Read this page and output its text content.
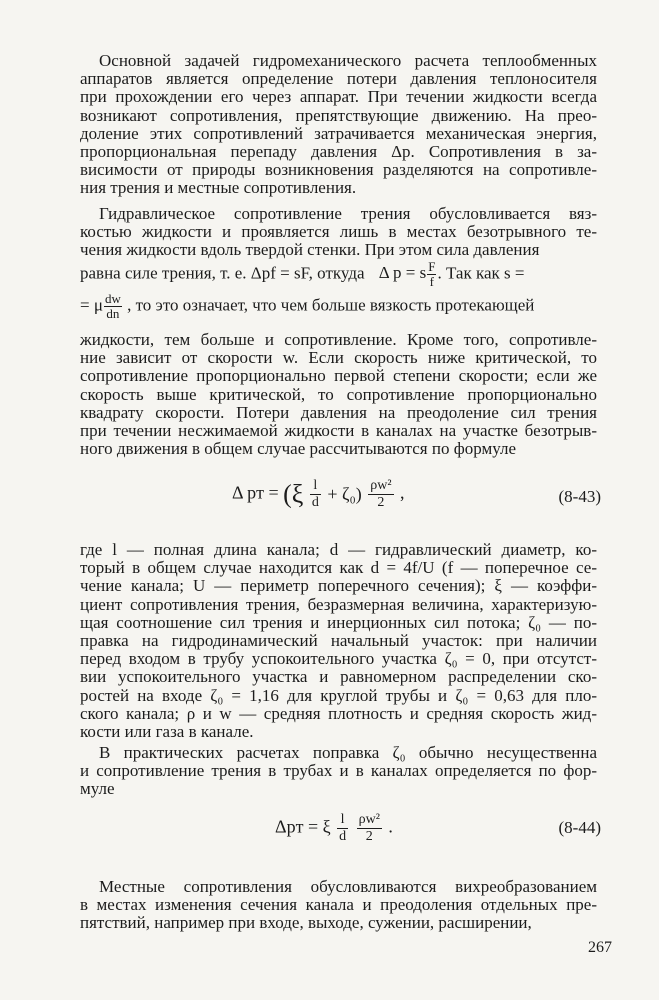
Основной задачей гидромеханического расчета теплообменных
аппаратов является определение потери давления теплоносителя
при прохождении его через аппарат. При течении жидкости всегда
возникают сопротивления, препятствующие движению. На прео-
доление этих сопротивлений затрачивается механическая энергия,
пропорциональная перепаду давления Δp. Сопротивления в за-
висимости от природы возникновения разделяются на сопротивле-
ния трения и местные сопротивления.
Гидравлическое сопротивление трения обусловливается вяз-
костью жидкости и проявляется лишь в местах безотрывного те-
чения жидкости вдоль твердой стенки. При этом сила давления
равна силе трения, т. е. Δpf = sF, откуда Δ p = s $\frac{F}{f}$ . Так как s =
= μ $\frac{dw}{dn}$ , то это означает, что чем больше вязкость протекающей
жидкости, тем больше и сопротивление. Кроме того, сопротивле-
ние зависит от скорости w. Если скорость ниже критической, то
сопротивление пропорционально первой степени скорости; если же
скорость выше критической, то сопротивление пропорционально
квадрату скорости. Потери давления на преодоление сил трения
при течении несжимаемой жидкости в каналах на участке безотрыв-
ного движения в общем случае рассчитываются по формуле
Δ pт = $(\xi \frac{l}{d} + \zeta_0) \frac{\text{ρw²}}{2}$ ,	(8-43)
где l — полная длина канала; d — гидравлический диаметр, ко-
торый в общем случае находится как d = 4f/U (f — поперечное се-
чение канала; U — периметр поперечного сечения); ξ — коэффи-
циент сопротивления трения, безразмерная величина, характеризую-
щая соотношение сил трения и инерционных сил потока; ζ₀ — по-
правка на гидродинамический начальный участок: при наличии
перед входом в трубу успокоительного участка ζ₀ = 0, при отсутст-
вии успокоительного участка и равномерном распределении ско-
ростей на входе ζ₀ = 1,16 для круглой трубы и ζ₀ = 0,63 для пло-
ского канала; ρ и w — средняя плотность и средняя скорость жид-
кости или газа в канале.
В практических расчетах поправка ζ₀ обычно несущественна
и сопротивление трения в трубах и в каналах определяется по фор-
муле
Δpт = ξ $\frac{l}{d}$
$\frac{\text{ρw²}}{2}$ .	(8-44)
Местные сопротивления обусловливаются вихреобразованием
в местах изменения сечения канала и преодоления отдельных пре-
пятствий, например при входе, выходе, сужении, расширении,
267
